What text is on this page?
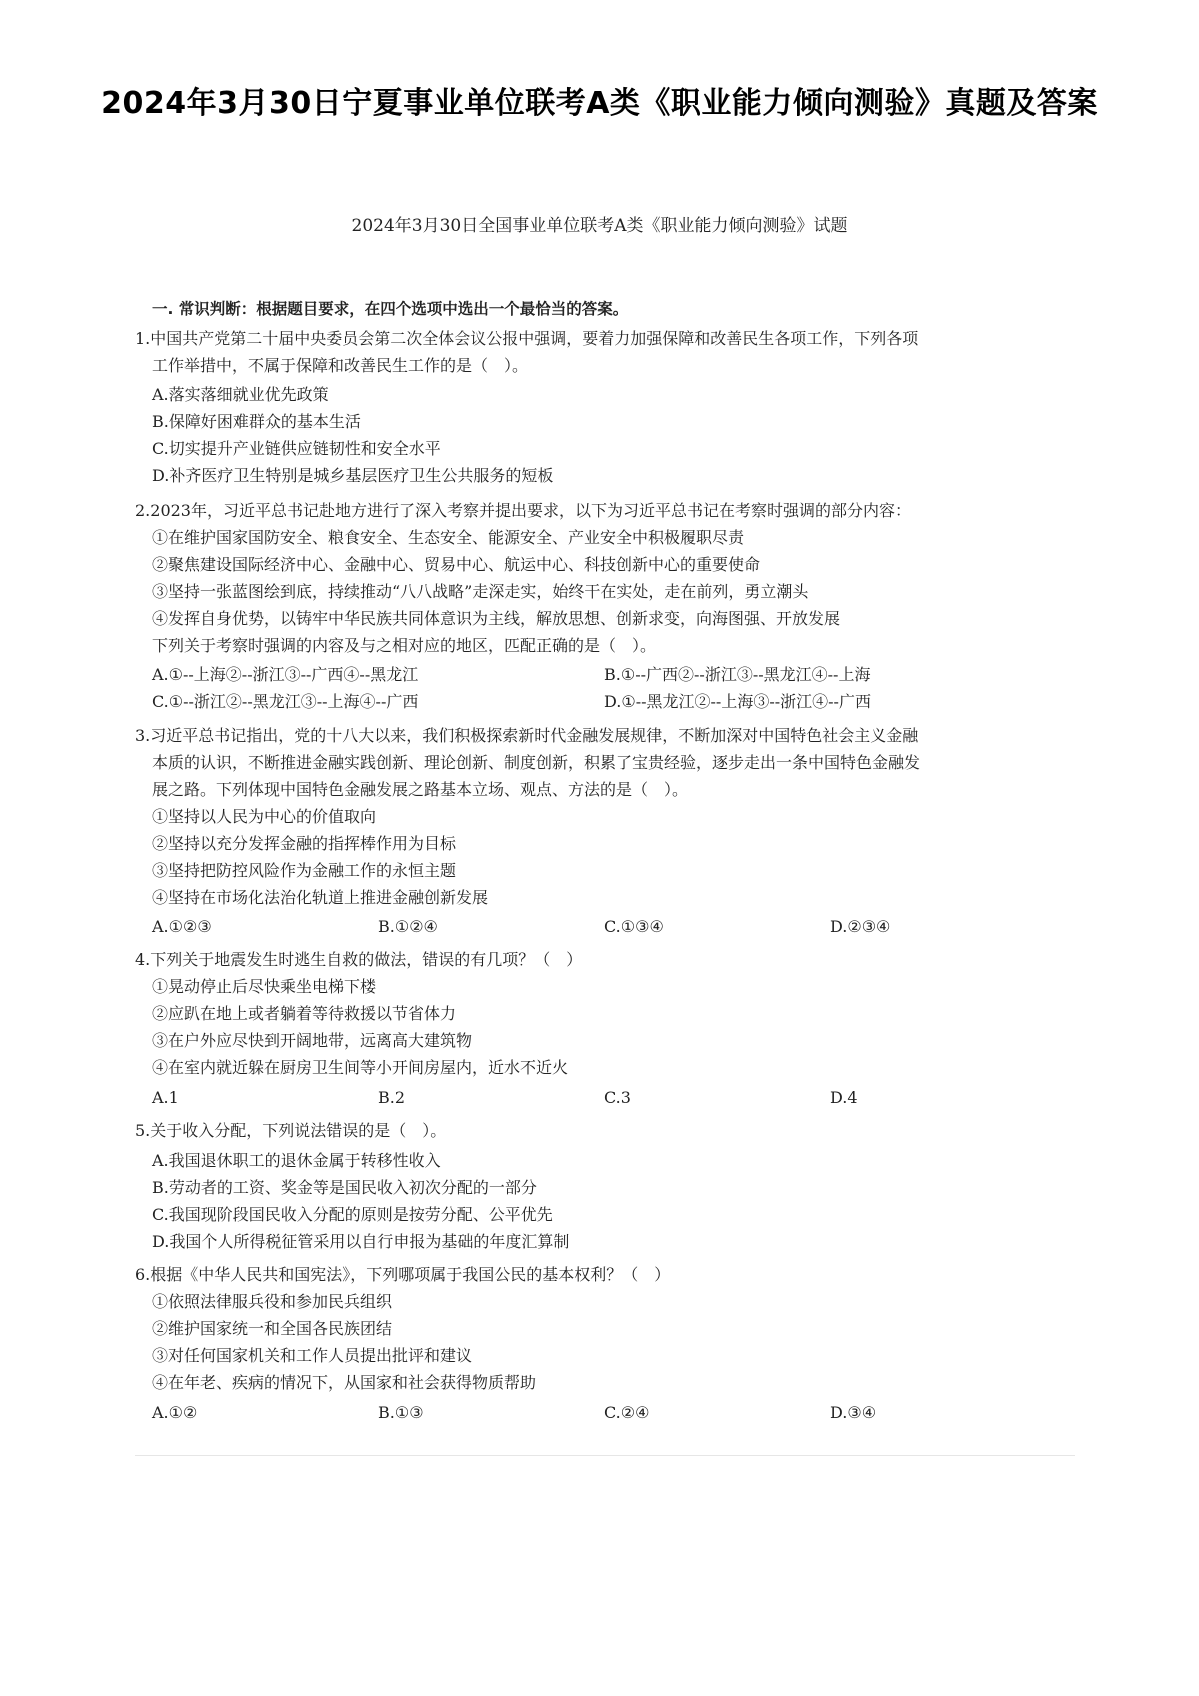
2024年3月30日宁夏事业单位联考A类《职业能力倾向测验》真题及答案
2024年3月30日全国事业单位联考A类《职业能力倾向测验》试题
一. 常识判断：根据题目要求，在四个选项中选出一个最恰当的答案。
1.中国共产党第二十届中央委员会第二次全体会议公报中强调，要着力加强保障和改善民生各项工作，下列各项
工作举措中，不属于保障和改善民生工作的是（　）。
A.落实落细就业优先政策
B.保障好困难群众的基本生活
C.切实提升产业链供应链韧性和安全水平
D.补齐医疗卫生特别是城乡基层医疗卫生公共服务的短板
2.2023年，习近平总书记赴地方进行了深入考察并提出要求，以下为习近平总书记在考察时强调的部分内容：
①在维护国家国防安全、粮食安全、生态安全、能源安全、产业安全中积极履职尽责
②聚焦建设国际经济中心、金融中心、贸易中心、航运中心、科技创新中心的重要使命
③坚持一张蓝图绘到底，持续推动“八八战略”走深走实，始终干在实处，走在前列，勇立潮头
④发挥自身优势，以铸牢中华民族共同体意识为主线，解放思想、创新求变，向海图强、开放发展
下列关于考察时强调的内容及与之相对应的地区，匹配正确的是（　）。
A.①--上海②--浙江③--广西④--黑龙江	B.①--广西②--浙江③--黑龙江④--上海
C.①--浙江②--黑龙江③--上海④--广西	D.①--黑龙江②--上海③--浙江④--广西
3.习近平总书记指出，党的十八大以来，我们积极探索新时代金融发展规律，不断加深对中国特色社会主义金融
本质的认识，不断推进金融实践创新、理论创新、制度创新，积累了宝贵经验，逐步走出一条中国特色金融发
展之路。下列体现中国特色金融发展之路基本立场、观点、方法的是（　）。
①坚持以人民为中心的价值取向
②坚持以充分发挥金融的指挥棒作用为目标
③坚持把防控风险作为金融工作的永恒主题
④坚持在市场化法治化轨道上推进金融创新发展
A.①②③	B.①②④	C.①③④	D.②③④
4.下列关于地震发生时逃生自救的做法，错误的有几项？（　）
①晃动停止后尽快乘坐电梯下楼
②应趴在地上或者躺着等待救援以节省体力
③在户外应尽快到开阔地带，远离高大建筑物
④在室内就近躲在厨房卫生间等小开间房屋内，近水不近火
A.1	B.2	C.3	D.4
5.关于收入分配，下列说法错误的是（　）。
A.我国退休职工的退休金属于转移性收入
B.劳动者的工资、奖金等是国民收入初次分配的一部分
C.我国现阶段国民收入分配的原则是按劳分配、公平优先
D.我国个人所得税征管采用以自行申报为基础的年度汇算制
6.根据《中华人民共和国宪法》，下列哪项属于我国公民的基本权利？（　）
①依照法律服兵役和参加民兵组织
②维护国家统一和全国各民族团结
③对任何国家机关和工作人员提出批评和建议
④在年老、疾病的情况下，从国家和社会获得物质帮助
A.①②	B.①③	C.②④	D.③④
